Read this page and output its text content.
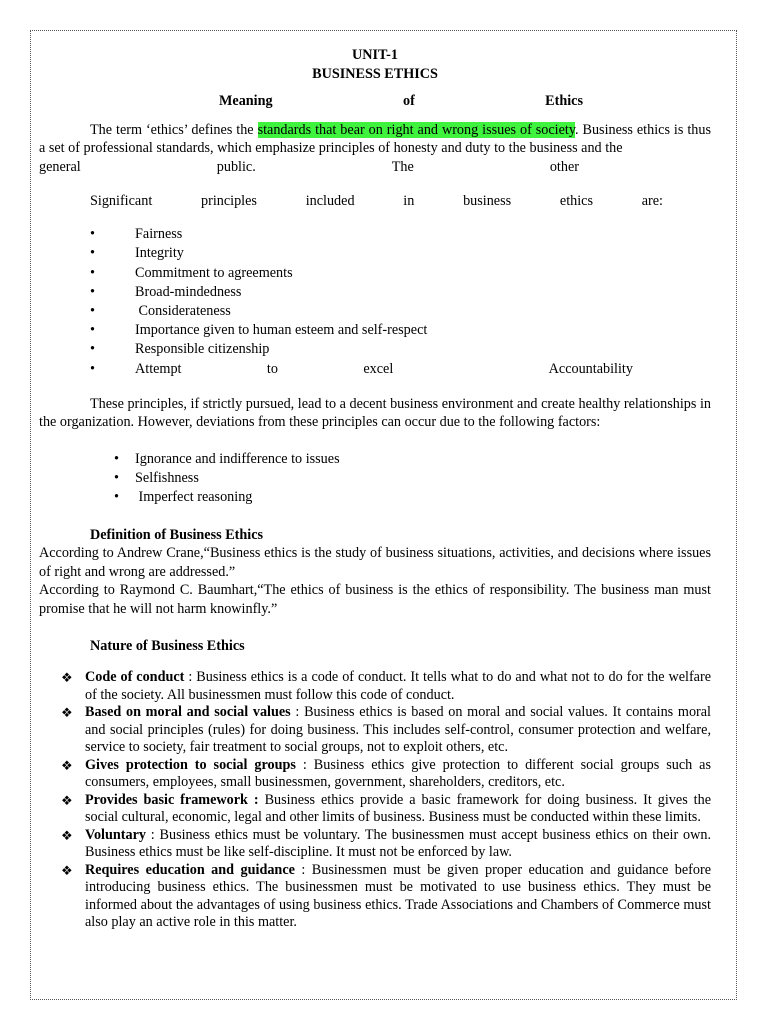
UNIT-1
BUSINESS ETHICS
Meaning	of	Ethics

The term ‘ethics’ defines the standards that bear on right and wrong issues of society. Business ethics is thus a set of professional standards, which emphasize principles of honesty and duty to the business and the

general	public.	The	other
Significant	principles	included	in	business	ethics	are:
•	Fairness
•	Integrity
•	Commitment to agreements
•	Broad-mindedness
•	Considerateness
•	Importance given to human esteem and self-respect
•	Responsible citizenship
•	Attempt	to	excel	Accountability

These principles, if strictly pursued, lead to a decent business environment and create healthy relationships in the organization. However, deviations from these principles can occur due to the following factors:

• Ignorance and indifference to issues
• Selfishness
• Imperfect reasoning
Definition of Business Ethics

According to Andrew Crane,“Business ethics is the study of business situations, activities, and decisions where issues of right and wrong are addressed.”

According to Raymond C. Baumhart,“The ethics of business is the ethics of responsibility. The business man must promise that he will not harm knowinfly.”

Nature of Business Ethics
❖ Code of conduct : Business ethics is a code of conduct. It tells what to do and what not to do for the welfare of the society. All businessmen must follow this code of conduct.
❖ Based on moral and social values : Business ethics is based on moral and social values. It contains moral and social principles (rules) for doing business. This includes self-control, consumer protection and welfare, service to society, fair treatment to social groups, not to exploit others, etc.
❖ Gives protection to social groups : Business ethics give protection to different social groups such as consumers, employees, small businessmen, government, shareholders, creditors, etc.
❖ Provides basic framework : Business ethics provide a basic framework for doing business. It gives the social cultural, economic, legal and other limits of business. Business must be conducted within these limits.
❖ Voluntary : Business ethics must be voluntary. The businessmen must accept business ethics on their own. Business ethics must be like self-discipline. It must not be enforced by law.
❖ Requires education and guidance : Businessmen must be given proper education and guidance before introducing business ethics. The businessmen must be motivated to use business ethics. They must be informed about the advantages of using business ethics. Trade Associations and Chambers of Commerce must also play an active role in this matter.
